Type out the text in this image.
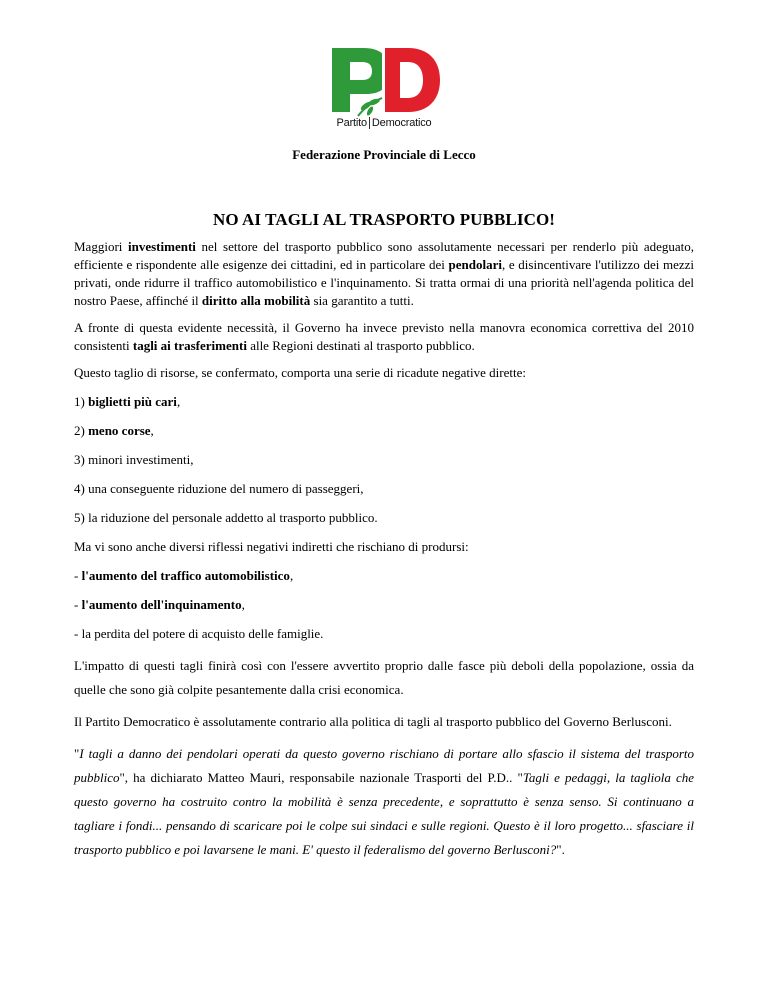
Partito Democratico
Federazione Provinciale di Lecco
NO AI TAGLI AL TRASPORTO PUBBLICO!

Maggiori investimenti nel settore del trasporto pubblico sono assolutamente necessari per renderlo più adeguato, efficiente e rispondente alle esigenze dei cittadini, ed in particolare dei pendolari, e disincentivare l'utilizzo dei mezzi privati, onde ridurre il traffico automobilistico e l'inquinamento. Si tratta ormai di una priorità nell'agenda politica del nostro Paese, affinché il diritto alla mobilità sia garantito a tutti.

A fronte di questa evidente necessità, il Governo ha invece previsto nella manovra economica correttiva del 2010 consistenti tagli ai trasferimenti alle Regioni destinati al trasporto pubblico.

Questo taglio di risorse, se confermato, comporta una serie di ricadute negative dirette:

1) biglietti più cari,

2) meno corse,

3) minori investimenti,

4) una conseguente riduzione del numero di passeggeri,

5) la riduzione del personale addetto al trasporto pubblico.

Ma vi sono anche diversi riflessi negativi indiretti che rischiano di prodursi:

- l'aumento del traffico automobilistico,

- l'aumento dell'inquinamento,

- la perdita del potere di acquisto delle famiglie.

L'impatto di questi tagli finirà così con l'essere avvertito proprio dalle fasce più deboli della popolazione, ossia da quelle che sono già colpite pesantemente dalla crisi economica.

Il Partito Democratico è assolutamente contrario alla politica di tagli al trasporto pubblico del Governo Berlusconi.

"I tagli a danno dei pendolari operati da questo governo rischiano di portare allo sfascio il sistema del trasporto pubblico", ha dichiarato Matteo Mauri, responsabile nazionale Trasporti del P.D.. "Tagli e pedaggi, la tagliola che questo governo ha costruito contro la mobilità è senza precedente, e soprattutto è senza senso. Si continuano a tagliare i fondi... pensando di scaricare poi le colpe sui sindaci e sulle regioni. Questo è il loro progetto... sfasciare il trasporto pubblico e poi lavarsene le mani. E' questo il federalismo del governo Berlusconi?".
